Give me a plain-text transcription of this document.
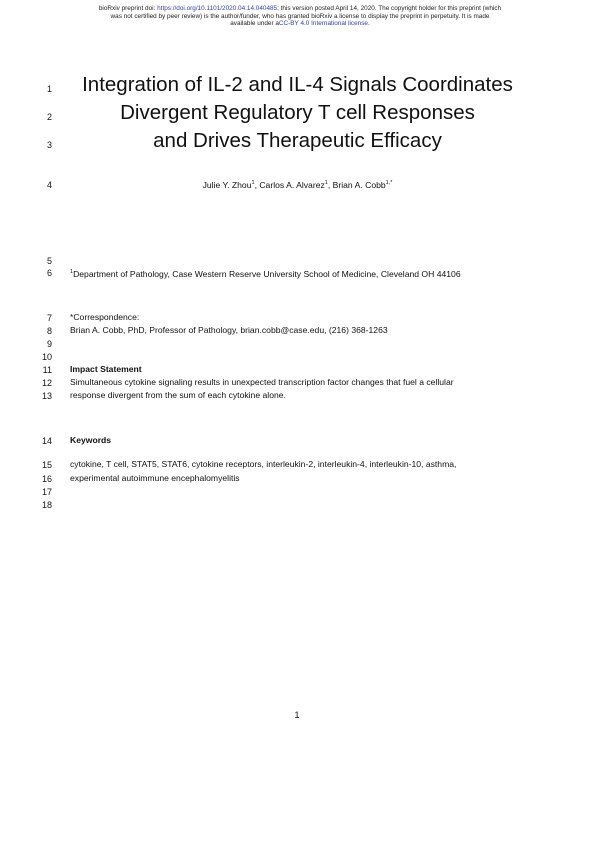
bioRxiv preprint doi: https://doi.org/10.1101/2020.04.14.040485; this version posted April 14, 2020. The copyright holder for this preprint (which
was not certified by peer review) is the author/funder, who has granted bioRxiv a license to display the preprint in perpetuity. It is made
available under aCC-BY 4.0 International license.
1
2
3
4
5
6
7
8
9
10
11
12
13
14
15
16
17
18
Integration of IL-2 and IL-4 Signals Coordinates
Divergent Regulatory T cell Responses
and Drives Therapeutic Efficacy
Julie Y. Zhou$^1$, Carlos A. Alvarez$^1$, Brian A. Cobb$^{1,*}$
$^1$Department of Pathology, Case Western Reserve University School of Medicine, Cleveland OH 44106
*Correspondence:
Brian A. Cobb, PhD, Professor of Pathology, brian.cobb@case.edu, (216) 368-1263
Impact Statement
Simultaneous cytokine signaling results in unexpected transcription factor changes that fuel a cellular
response divergent from the sum of each cytokine alone.
Keywords
cytokine, T cell, STAT5, STAT6, cytokine receptors, interleukin-2, interleukin-4, interleukin-10, asthma,
experimental autoimmune encephalomyelitis
1
